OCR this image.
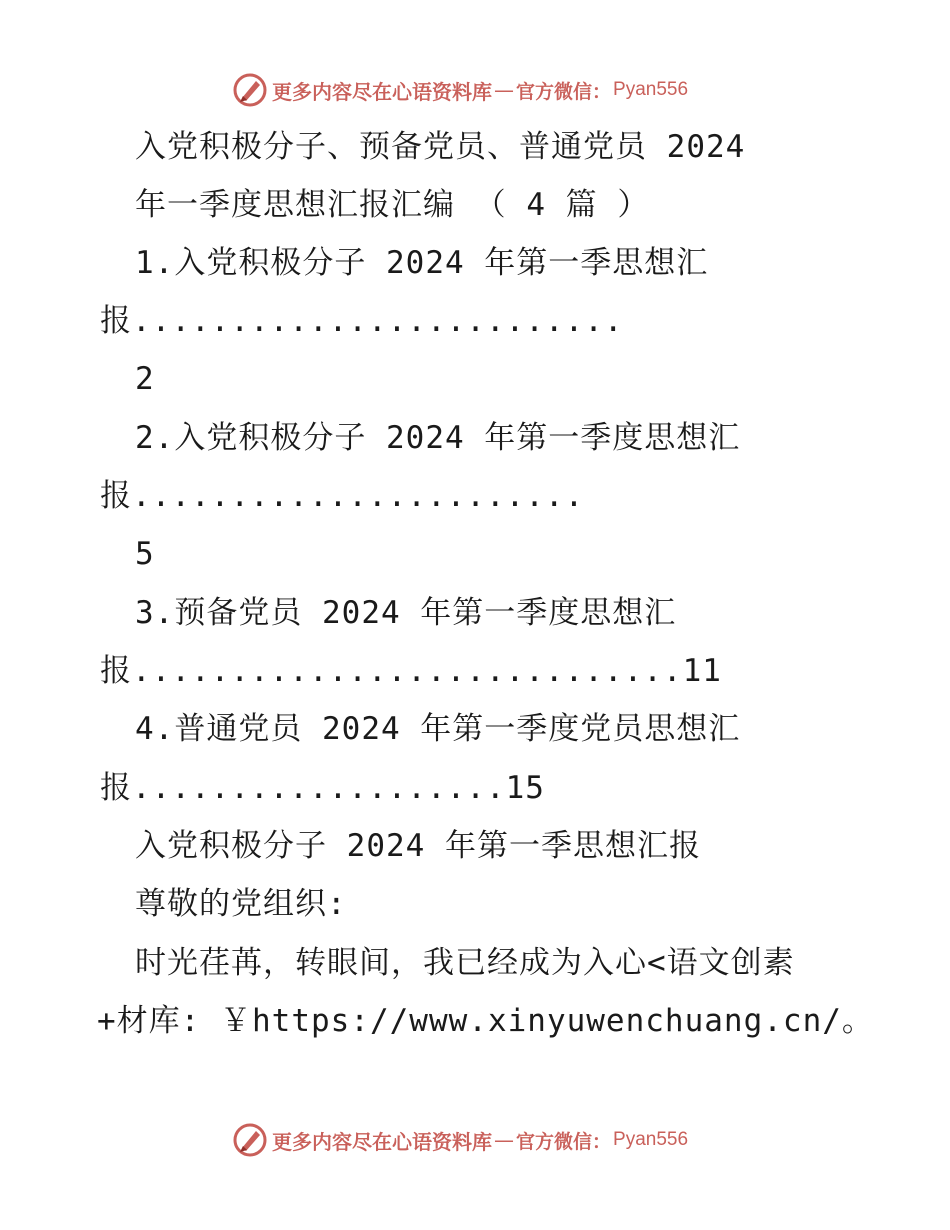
更多内容尽在心语资料库 — 官方微信： Pyan556
入党积极分子、预备党员、普通党员 2024
年一季度思想汇报汇编 （ 4 篇 ）
1.入党积极分子 2024 年第一季思想汇
报.........................
2
2.入党积极分子 2024 年第一季度思想汇
报.......................
5
3.预备党员 2024 年第一季度思想汇
报............................11
4.普通党员 2024 年第一季度党员思想汇
报...................15
入党积极分子 2024 年第一季思想汇报
尊敬的党组织:
时光荏苒，转眼间，我已经成为入心<语文创素
+材库: ￥https://www.xinyuwenchuang.cn/。
更多内容尽在心语资料库 — 官方微信： Pyan556
